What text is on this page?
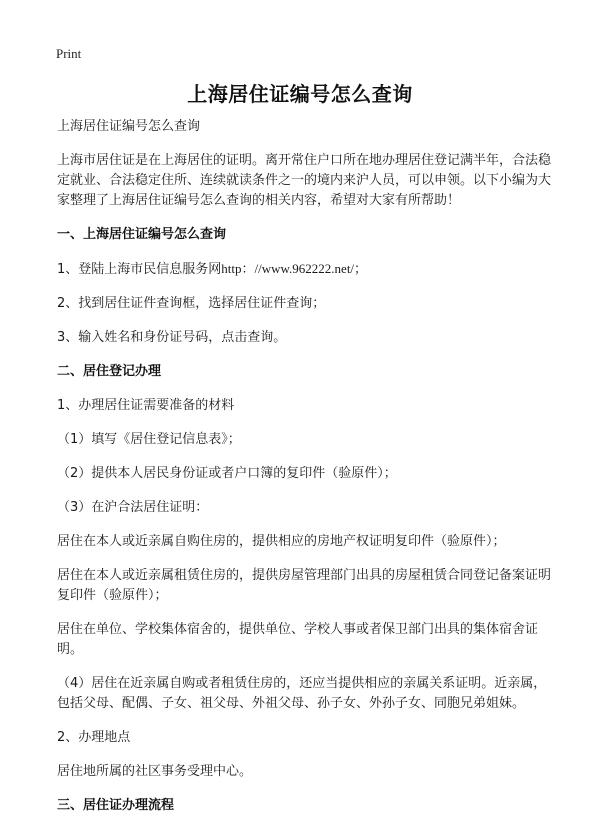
Print
上海居住证编号怎么查询

上海居住证编号怎么查询

上海市居住证是在上海居住的证明。离开常住户口所在地办理居住登记满半年，合法稳定就业、合法稳定住所、连续就读条件之一的境内来沪人员，可以申领。以下小编为大家整理了上海居住证编号怎么查询的相关内容，希望对大家有所帮助！

一、上海居住证编号怎么查询

1、登陆上海市民信息服务网http：//www.962222.net/；

2、找到居住证件查询框，选择居住证件查询；

3、输入姓名和身份证号码，点击查询。

二、居住登记办理

1、办理居住证需要准备的材料

（1）填写《居住登记信息表》；

（2）提供本人居民身份证或者户口簿的复印件（验原件）；

（3）在沪合法居住证明：

居住在本人或近亲属自购住房的，提供相应的房地产权证明复印件（验原件）；

居住在本人或近亲属租赁住房的，提供房屋管理部门出具的房屋租赁合同登记备案证明复印件（验原件）；

居住在单位、学校集体宿舍的，提供单位、学校人事或者保卫部门出具的集体宿舍证明。

（4）居住在近亲属自购或者租赁住房的，还应当提供相应的亲属关系证明。近亲属，包括父母、配偶、子女、祖父母、外祖父母、孙子女、外孙子女、同胞兄弟姐妹。

2、办理地点

居住地所属的社区事务受理中心。

三、居住证办理流程
